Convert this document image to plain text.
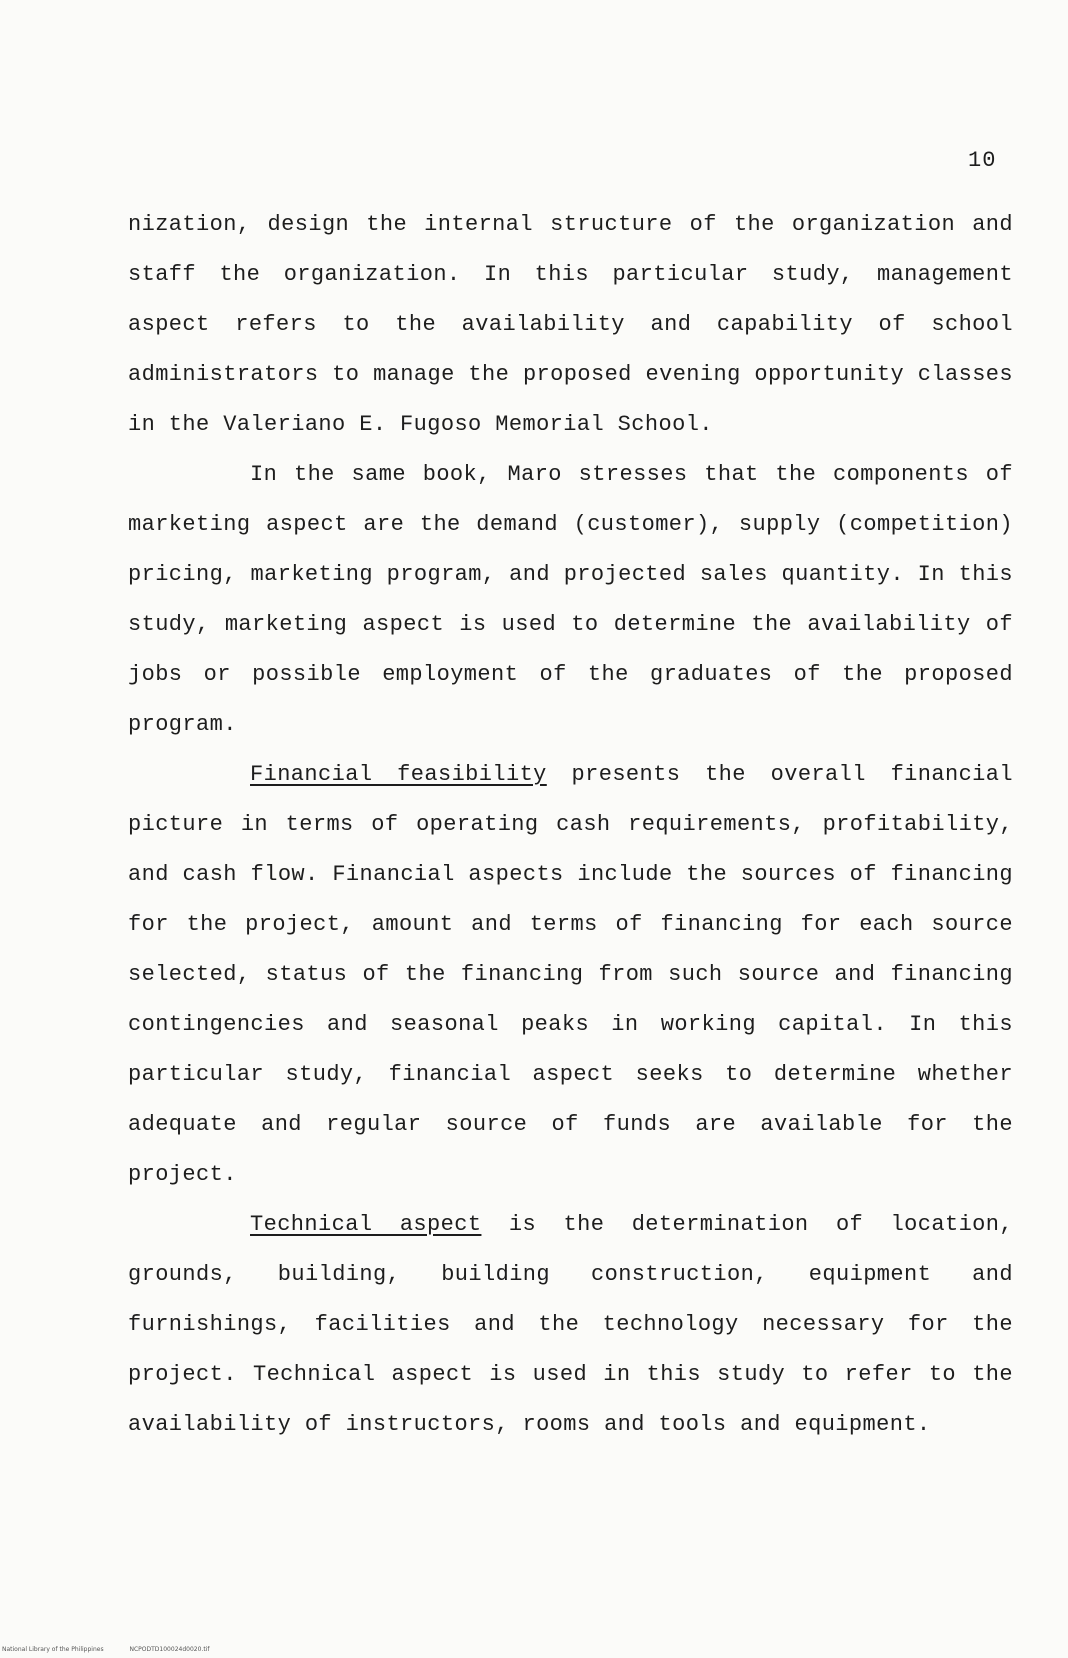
10

nization, design the internal structure of the organization and staff the organization. In this particular study, management aspect refers to the availability and capability of school administrators to manage the proposed evening opportunity classes in the Valeriano E. Fugoso Memorial School.

In the same book, Maro stresses that the components of marketing aspect are the demand (customer), supply (competition) pricing, marketing program, and projected sales quantity. In this study, marketing aspect is used to determine the availability of jobs or possible employment of the graduates of the proposed program.

Financial feasibility presents the overall financial picture in terms of operating cash requirements, profitability, and cash flow. Financial aspects include the sources of financing for the project, amount and terms of financing for each source selected, status of the financing from such source and financing contingencies and seasonal peaks in working capital. In this particular study, financial aspect seeks to determine whether adequate and regular source of funds are available for the project.

Technical aspect is the determination of location, grounds, building, building construction, equipment and furnishings, facilities and the technology necessary for the project. Technical aspect is used in this study to refer to the availability of instructors, rooms and tools and equipment.

National Library of the Philippines	NCPODTD100024d0020.tif
